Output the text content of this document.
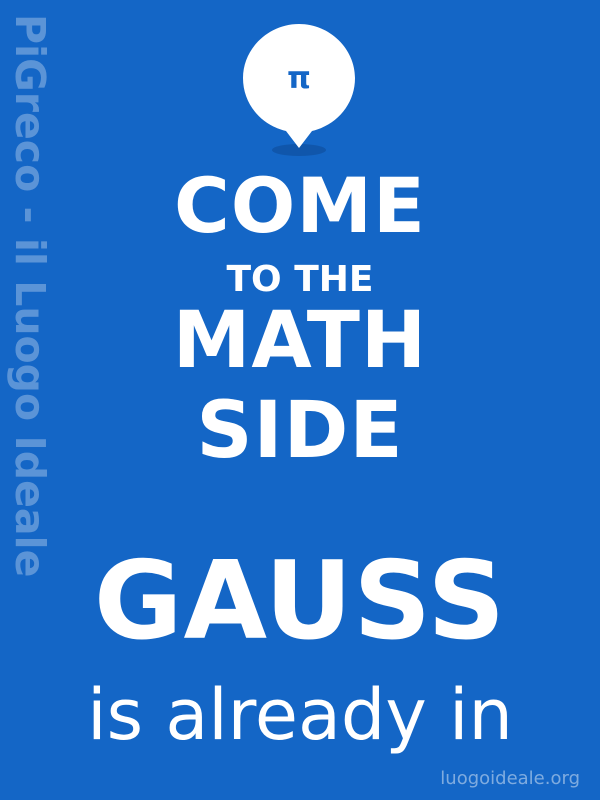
PiGreco - il Luogo Ideale	π
COME
TO THE
MATH
SIDE
GAUSS
is already in
luogoideale.org
